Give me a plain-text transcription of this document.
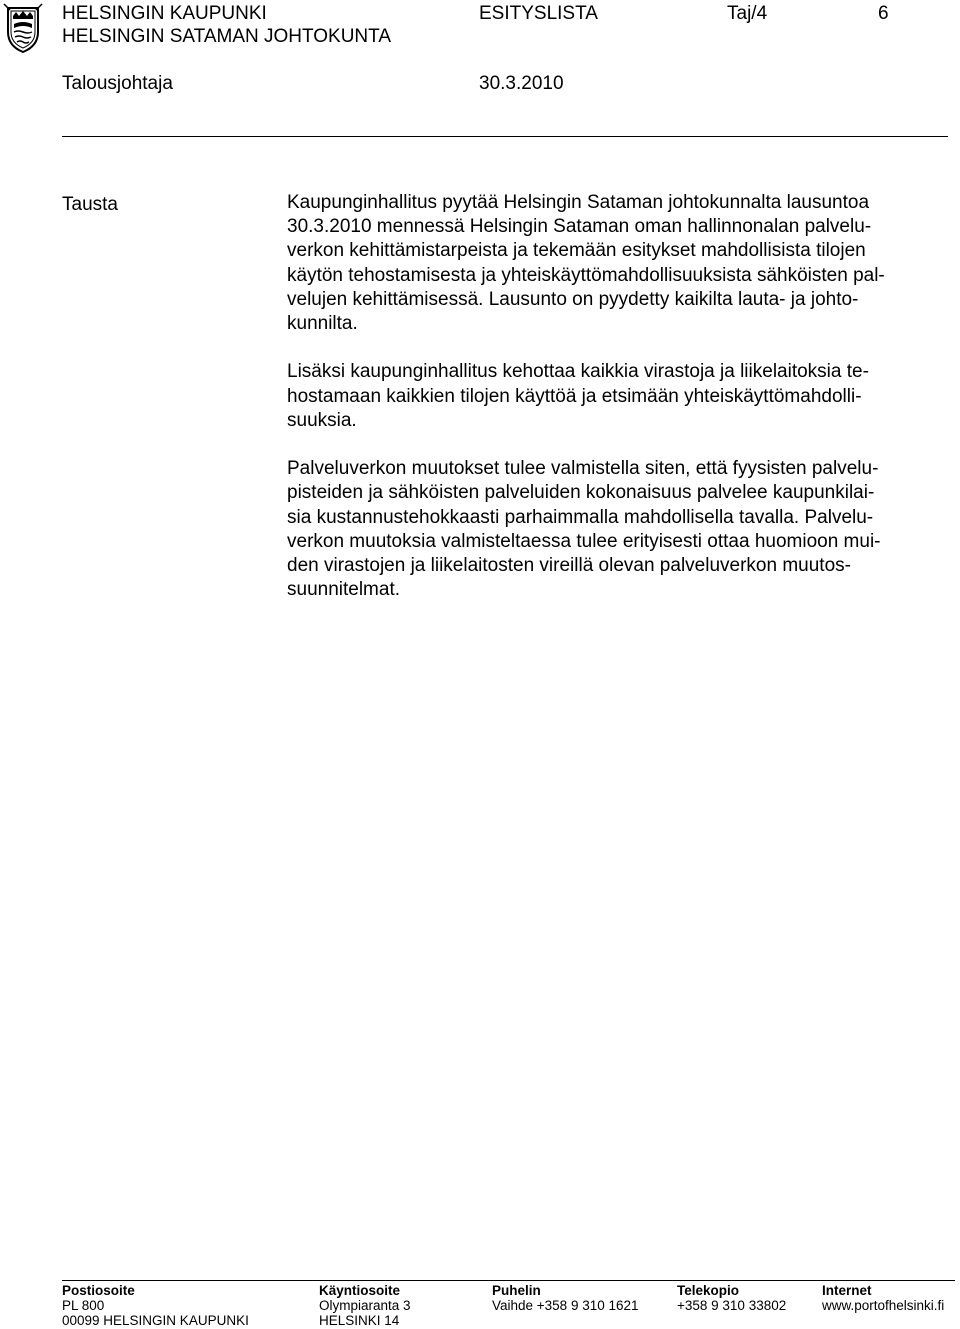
HELSINGIN KAUPUNKI
HELSINGIN SATAMAN JOHTOKUNTA
ESITYSLISTA	Taj/4	6
Talousjohtaja	30.3.2010
Tausta	Kaupunginhallitus pyytää Helsingin Sataman johtokunnalta lausuntoa
30.3.2010 mennessä Helsingin Sataman oman hallinnonalan palvelu-
verkon kehittämistarpeista ja tekemään esitykset mahdollisista tilojen
käytön tehostamisesta ja yhteiskäyttömahdollisuuksista sähköisten pal-
velujen kehittämisessä. Lausunto on pyydetty kaikilta lauta- ja johto-
kunnilta.

Lisäksi kaupunginhallitus kehottaa kaikkia virastoja ja liikelaitoksia te-
hostamaan kaikkien tilojen käyttöä ja etsimään yhteiskäyttömahdolli-
suuksia.

Palveluverkon muutokset tulee valmistella siten, että fyysisten palvelu-
pisteiden ja sähköisten palveluiden kokonaisuus palvelee kaupunkilai-
sia kustannustehokkaasti parhaimmalla mahdollisella tavalla. Palvelu-
verkon muutoksia valmisteltaessa tulee erityisesti ottaa huomioon mui-
den virastojen ja liikelaitosten vireillä olevan palveluverkon muutos-
suunnitelmat.

Postiosoite
PL 800
00099 HELSINGIN KAUPUNKI
Käyntiosoite
Olympiaranta 3
HELSINKI 14
Puhelin
Vaihde +358 9 310 1621
Telekopio
+358 9 310 33802
Internet
www.portofhelsinki.fi
